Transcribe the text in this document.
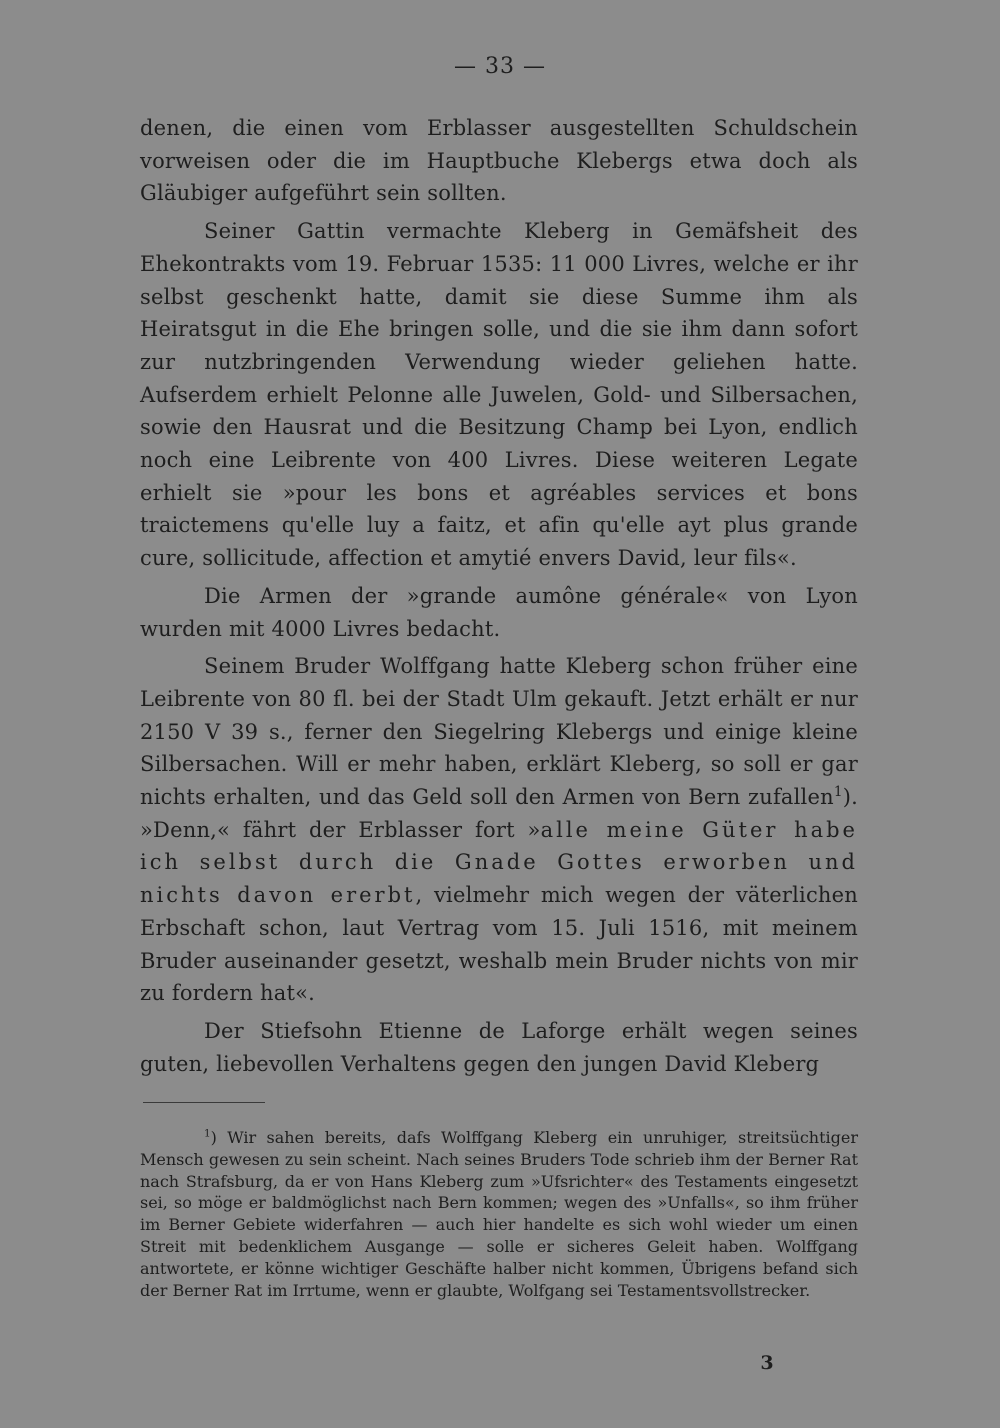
— 33 —

denen, die einen vom Erblasser ausgestellten Schuldschein vorweisen oder die im Hauptbuche Klebergs etwa doch als Gläubiger aufgeführt sein sollten.

Seiner Gattin vermachte Kleberg in Gemäfsheit des Ehekontrakts vom 19. Februar 1535: 11 000 Livres, welche er ihr selbst geschenkt hatte, damit sie diese Summe ihm als Heiratsgut in die Ehe bringen solle, und die sie ihm dann sofort zur nutzbringenden Verwendung wieder geliehen hatte. Aufserdem erhielt Pelonne alle Juwelen, Gold- und Silbersachen, sowie den Hausrat und die Besitzung Champ bei Lyon, endlich noch eine Leibrente von 400 Livres. Diese weiteren Legate erhielt sie »pour les bons et agréables services et bons traictemens qu'elle luy a faitz, et afin qu'elle ayt plus grande cure, sollicitude, affection et amytié envers David, leur fils«.

Die Armen der »grande aumône générale« von Lyon wurden mit 4000 Livres bedacht.

Seinem Bruder Wolffgang hatte Kleberg schon früher eine Leibrente von 80 fl. bei der Stadt Ulm gekauft. Jetzt erhält er nur 2150 V 39 s., ferner den Siegelring Klebergs und einige kleine Silbersachen. Will er mehr haben, erklärt Kleberg, so soll er gar nichts erhalten, und das Geld soll den Armen von Bern zufallen$^1$). »Denn,« fährt der Erblasser fort »alle meine Güter habe ich selbst durch die Gnade Gottes erworben und nichts davon ererbt, vielmehr mich wegen der väterlichen Erbschaft schon, laut Vertrag vom 15. Juli 1516, mit meinem Bruder auseinander gesetzt, weshalb mein Bruder nichts von mir zu fordern hat«.

Der Stiefsohn Etienne de Laforge erhält wegen seines guten, liebevollen Verhaltens gegen den jungen David Kleberg

$^1$) Wir sahen bereits, dafs Wolffgang Kleberg ein unruhiger, streitsüchtiger Mensch gewesen zu sein scheint. Nach seines Bruders Tode schrieb ihm der Berner Rat nach Strafsburg, da er von Hans Kleberg zum »Ufsrichter« des Testaments eingesetzt sei, so möge er baldmöglichst nach Bern kommen; wegen des »Unfalls«, so ihm früher im Berner Gebiete widerfahren — auch hier handelte es sich wohl wieder um einen Streit mit bedenklichem Ausgange — solle er sicheres Geleit haben. Wolffgang antwortete, er könne wichtiger Geschäfte halber nicht kommen, Übrigens befand sich der Berner Rat im Irrtume, wenn er glaubte, Wolfgang sei Testamentsvollstrecker.

3
